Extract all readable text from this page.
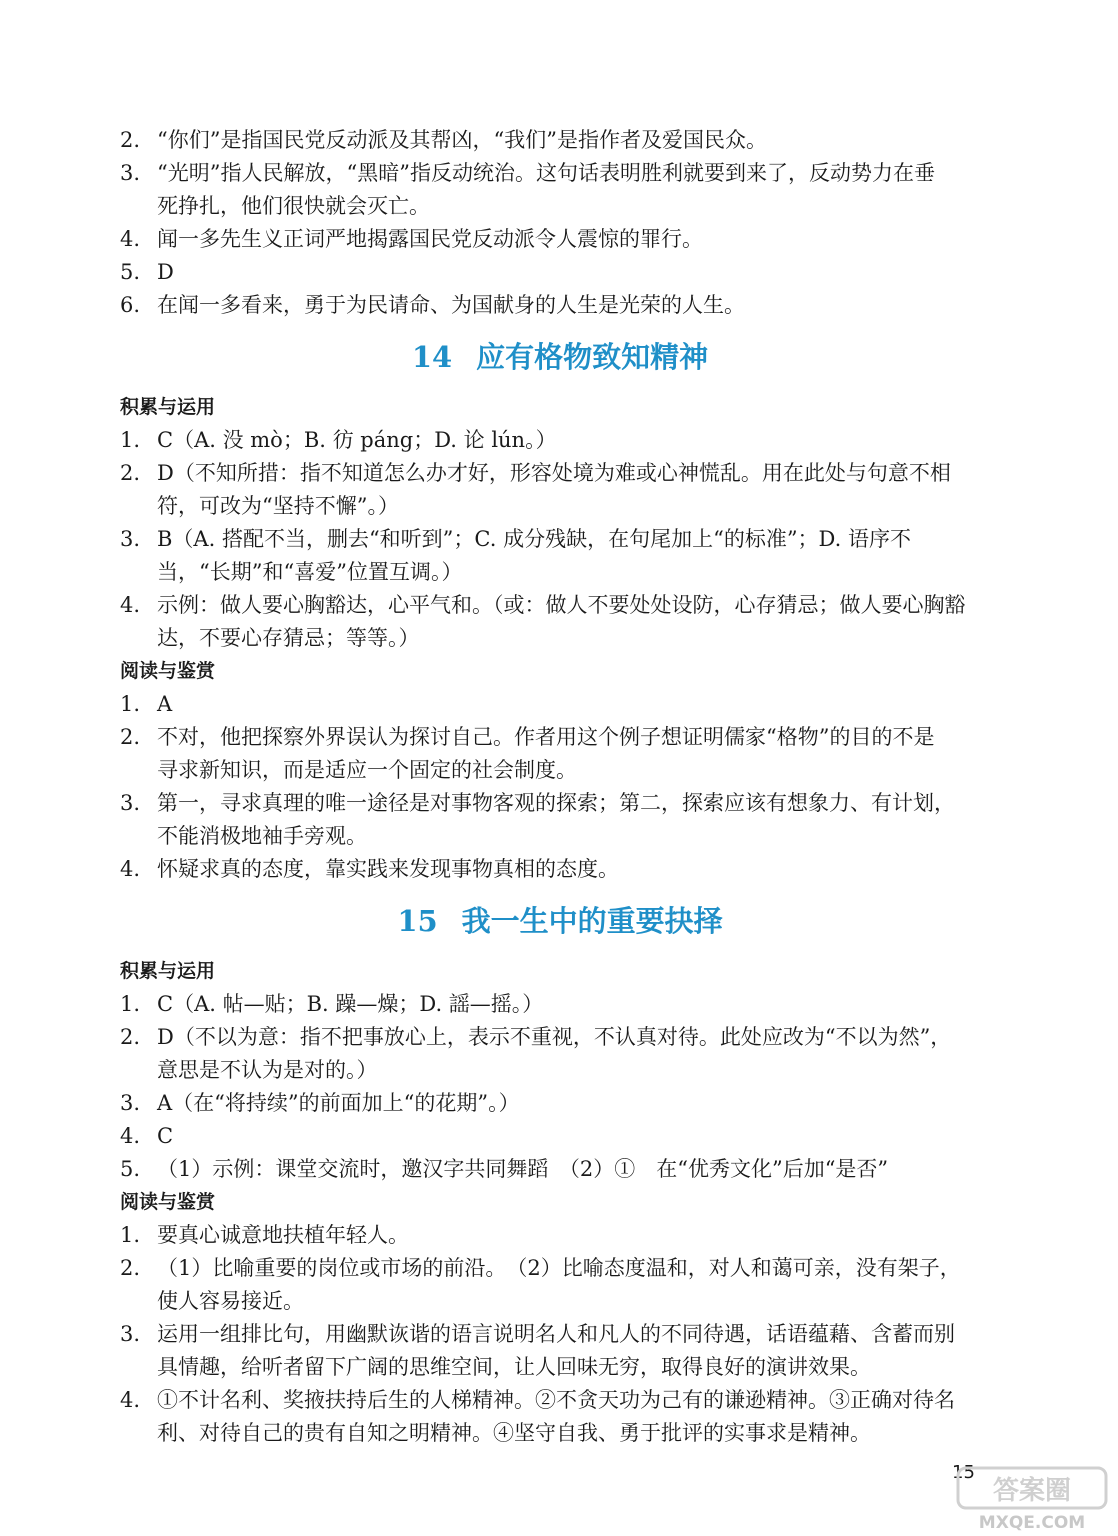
2. “你们”是指国民党反动派及其帮凶，“我们”是指作者及爱国民众。
3. “光明”指人民解放，“黑暗”指反动统治。这句话表明胜利就要到来了，反动势力在垂
死挣扎，他们很快就会灭亡。
4. 闻一多先生义正词严地揭露国民党反动派令人震惊的罪行。
5. D
6. 在闻一多看来，勇于为民请命、为国献身的人生是光荣的人生。
14 应有格物致知精神
积累与运用
1. C（A. 没 mò；B. 彷 páng；D. 论 lún。）
2. D（不知所措：指不知道怎么办才好，形容处境为难或心神慌乱。用在此处与句意不相
符，可改为“坚持不懈”。）
3. B（A. 搭配不当，删去“和听到”；C. 成分残缺，在句尾加上“的标准”；D. 语序不
当，“长期”和“喜爱”位置互调。）
4. 示例：做人要心胸豁达，心平气和。（或：做人不要处处设防，心存猜忌；做人要心胸豁
达，不要心存猜忌；等等。）
阅读与鉴赏
1. A
2. 不对，他把探察外界误认为探讨自己。作者用这个例子想证明儒家“格物”的目的不是
寻求新知识，而是适应一个固定的社会制度。
3. 第一，寻求真理的唯一途径是对事物客观的探索；第二，探索应该有想象力、有计划，
不能消极地袖手旁观。
4. 怀疑求真的态度，靠实践来发现事物真相的态度。
15 我一生中的重要抉择
积累与运用
1. C（A. 帖—贴；B. 躁—燥；D. 謡—摇。）
2. D（不以为意：指不把事放心上，表示不重视，不认真对待。此处应改为“不以为然”，
意思是不认为是对的。）
3. A（在“将持续”的前面加上“的花期”。）
4. C
5. （1）示例：课堂交流时，邀汉字共同舞蹈　（2）①　在“优秀文化”后加“是否”
阅读与鉴赏
1. 要真心诚意地扶植年轻人。
2. （1）比喻重要的岗位或市场的前沿。　（2）比喻态度温和，对人和蔼可亲，没有架子，
使人容易接近。
3. 运用一组排比句，用幽默诙谐的语言说明名人和凡人的不同待遇，话语蕴藉、含蓄而别
具情趣，给听者留下广阔的思维空间，让人回味无穷，取得良好的演讲效果。
4. ①不计名利、奖掖扶持后生的人梯精神。②不贪天功为己有的谦逊精神。③正确对待名
利、对待自己的贵有自知之明精神。④坚守自我、勇于批评的实事求是精神。
15
答案圈
MXQE.COM
